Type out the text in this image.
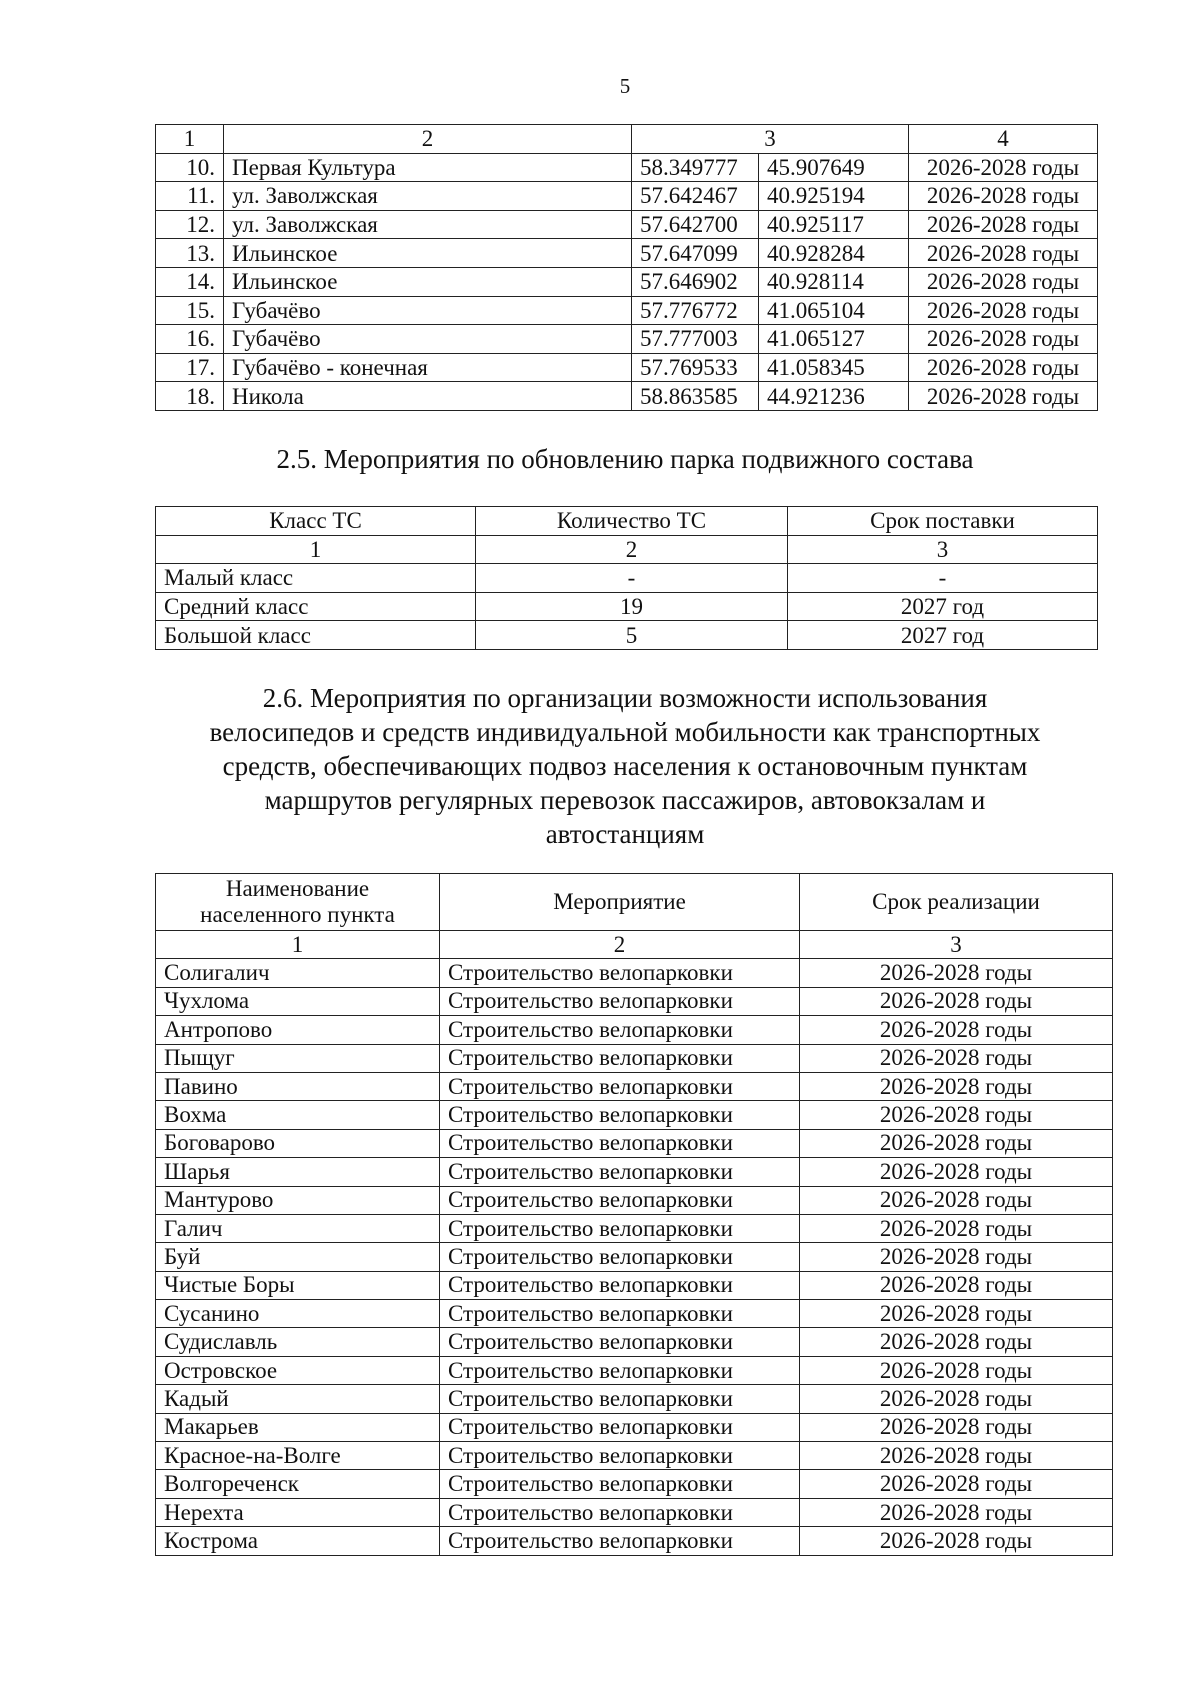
5
1	2	3		4
10.	Первая Культура	58.349777	45.907649	2026-2028 годы
11.	ул. Заволжская	57.642467	40.925194	2026-2028 годы
12.	ул. Заволжская	57.642700	40.925117	2026-2028 годы
13.	Ильинское	57.647099	40.928284	2026-2028 годы
14.	Ильинское	57.646902	40.928114	2026-2028 годы
15.	Губачёво	57.776772	41.065104	2026-2028 годы
16.	Губачёво	57.777003	41.065127	2026-2028 годы
17.	Губачёво - конечная	57.769533	41.058345	2026-2028 годы
18.	Никола	58.863585	44.921236	2026-2028 годы
2.5. Мероприятия по обновлению парка подвижного состава
Класс ТС	Количество ТС	Срок поставки
1	2	3
Малый класс	-	-
Средний класс	19	2027 год
Большой класс	5	2027 год
2.6. Мероприятия по организации возможности использования
велосипедов и средств индивидуальной мобильности как транспортных
средств, обеспечивающих подвоз населения к остановочным пунктам
маршрутов регулярных перевозок пассажиров, автовокзалам и
автостанциям
Наименование населенного пункта	Мероприятие	Срок реализации
1	2	3
Солигалич	Строительство велопарковки	2026-2028 годы
Чухлома	Строительство велопарковки	2026-2028 годы
Антропово	Строительство велопарковки	2026-2028 годы
Пыщуг	Строительство велопарковки	2026-2028 годы
Павино	Строительство велопарковки	2026-2028 годы
Вохма	Строительство велопарковки	2026-2028 годы
Боговарово	Строительство велопарковки	2026-2028 годы
Шарья	Строительство велопарковки	2026-2028 годы
Мантурово	Строительство велопарковки	2026-2028 годы
Галич	Строительство велопарковки	2026-2028 годы
Буй	Строительство велопарковки	2026-2028 годы
Чистые Боры	Строительство велопарковки	2026-2028 годы
Сусанино	Строительство велопарковки	2026-2028 годы
Судиславль	Строительство велопарковки	2026-2028 годы
Островское	Строительство велопарковки	2026-2028 годы
Кадый	Строительство велопарковки	2026-2028 годы
Макарьев	Строительство велопарковки	2026-2028 годы
Красное-на-Волге	Строительство велопарковки	2026-2028 годы
Волгореченск	Строительство велопарковки	2026-2028 годы
Нерехта	Строительство велопарковки	2026-2028 годы
Кострома	Строительство велопарковки	2026-2028 годы
